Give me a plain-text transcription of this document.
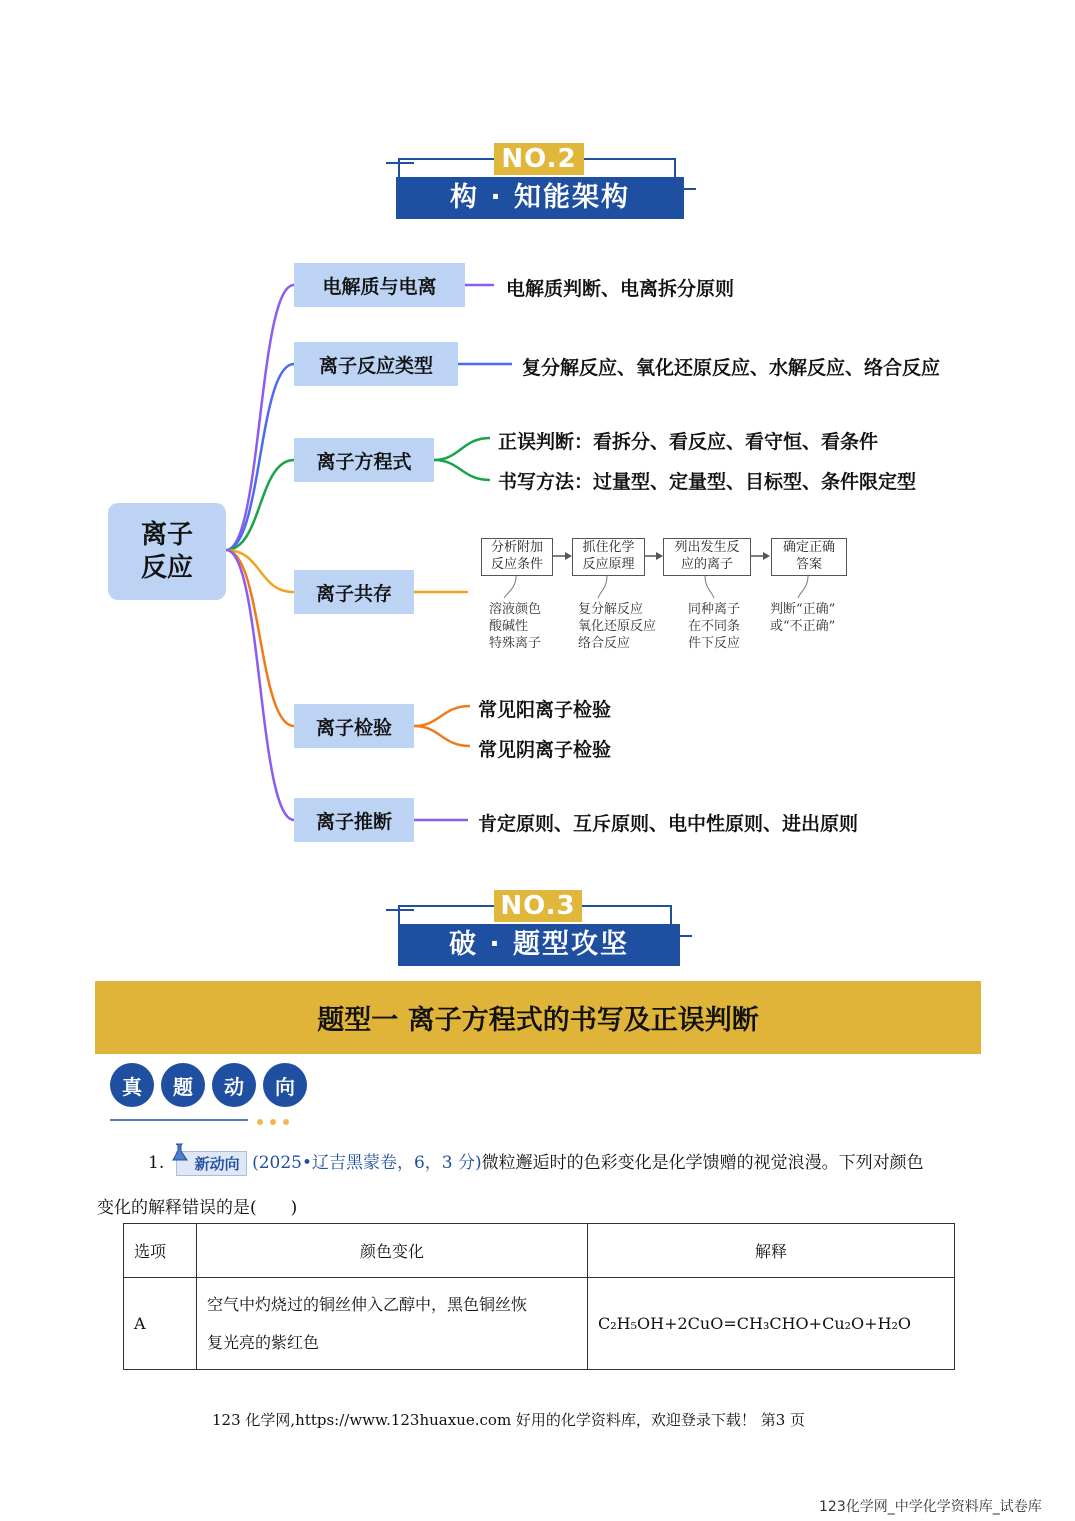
NO.2
构 · 知能架构
离子
反应
电解质与电离
离子反应类型
离子方程式
离子共存
离子检验
离子推断
电解质判断、电离拆分原则
复分解反应、氧化还原反应、水解反应、络合反应
正误判断：看拆分、看反应、看守恒、看条件
书写方法：过量型、定量型、目标型、条件限定型
常见阳离子检验
常见阴离子检验
肯定原则、互斥原则、电中性原则、进出原则
分析附加
反应条件
抓住化学
反应原理
列出发生反
应的离子
确定正确
答案
溶液颜色
酸碱性
特殊离子
复分解反应
氧化还原反应
络合反应
同种离子
在不同条
件下反应
判断“正确”
或“不正确”
NO.3
破 · 题型攻坚
题型一 离子方程式的书写及正误判断
真	题	动	向
1. 新动向 (2025•辽吉黑蒙卷，6，3 分)微粒邂逅时的色彩变化是化学馈赠的视觉浪漫。下列对颜色
变化的解释错误的是(　　)
选项	颜色变化	解释
A	空气中灼烧过的铜丝伸入乙醇中，黑色铜丝恢
复光亮的紫红色	C₂H₅OH+2CuO=CH₃CHO+Cu₂O+H₂O
123 化学网,https://www.123huaxue.com 好用的化学资料库，欢迎登录下载！ 第3 页
123化学网_中学化学资料库_试卷库
